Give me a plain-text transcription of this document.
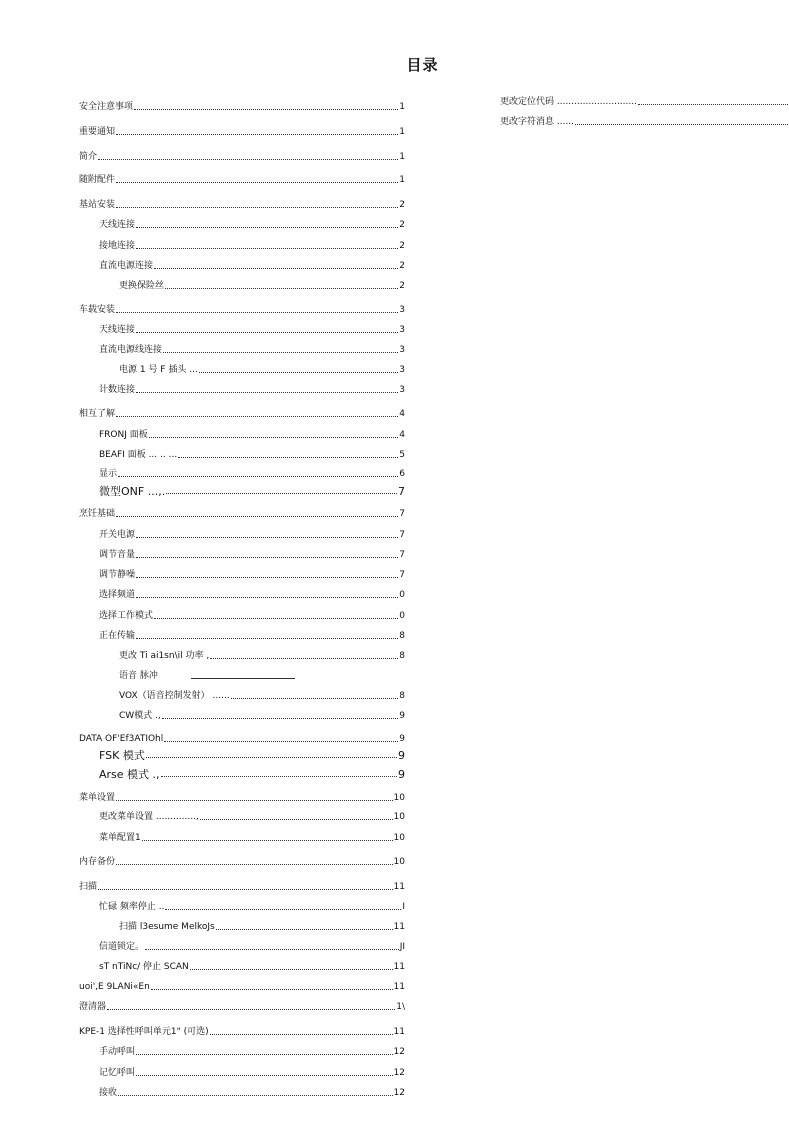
目录
安全注意事项	1
重要通知	1
简介	1
随附配件	1
基站安装	2
天线连接	2
接地连接	2
直流电源连接	2
更换保险丝	2
车载安装	3
天线连接	3
直流电源线连接	3
电源 1 号 F 插头 ...	3
计数连接	3
相互了解	4
FRONJ 面板	4
BEAFI 面板 ... .. ...	5
显示	6
微型ONF ...,.	7
烹饪基础	7
开关电源	7
调节音量	7
调节静噪	7
选择频道	0
选择工作模式	0
正在传输	8
更改 Ti ai1sn\il 功率 ,	8
语音 脉冲
VOX（语音控制发射） ......	8
CW模式 .,	9
DATA OF'Ef3ATIOhl	9
FSK 模式	9
Arse 模式 .,	9
菜单设置	10
更改菜单设置 ..............,	10
菜单配置1	10
内存备份	10
扫描	11
忙碌 频率停止 ..	I
扫描 l3esume MelkoJs	11
信道锁定。	JI
sT nTiNc/ 停止 SCAN	11
uoi',E 9LANi«En	11
澄清器	1\
KPE-1 选择性呼叫单元1" (可选)	11
手动呼叫	12
记忆呼叫	12
接收	12
更改定位代码 ............................
更改字符消息 ......
